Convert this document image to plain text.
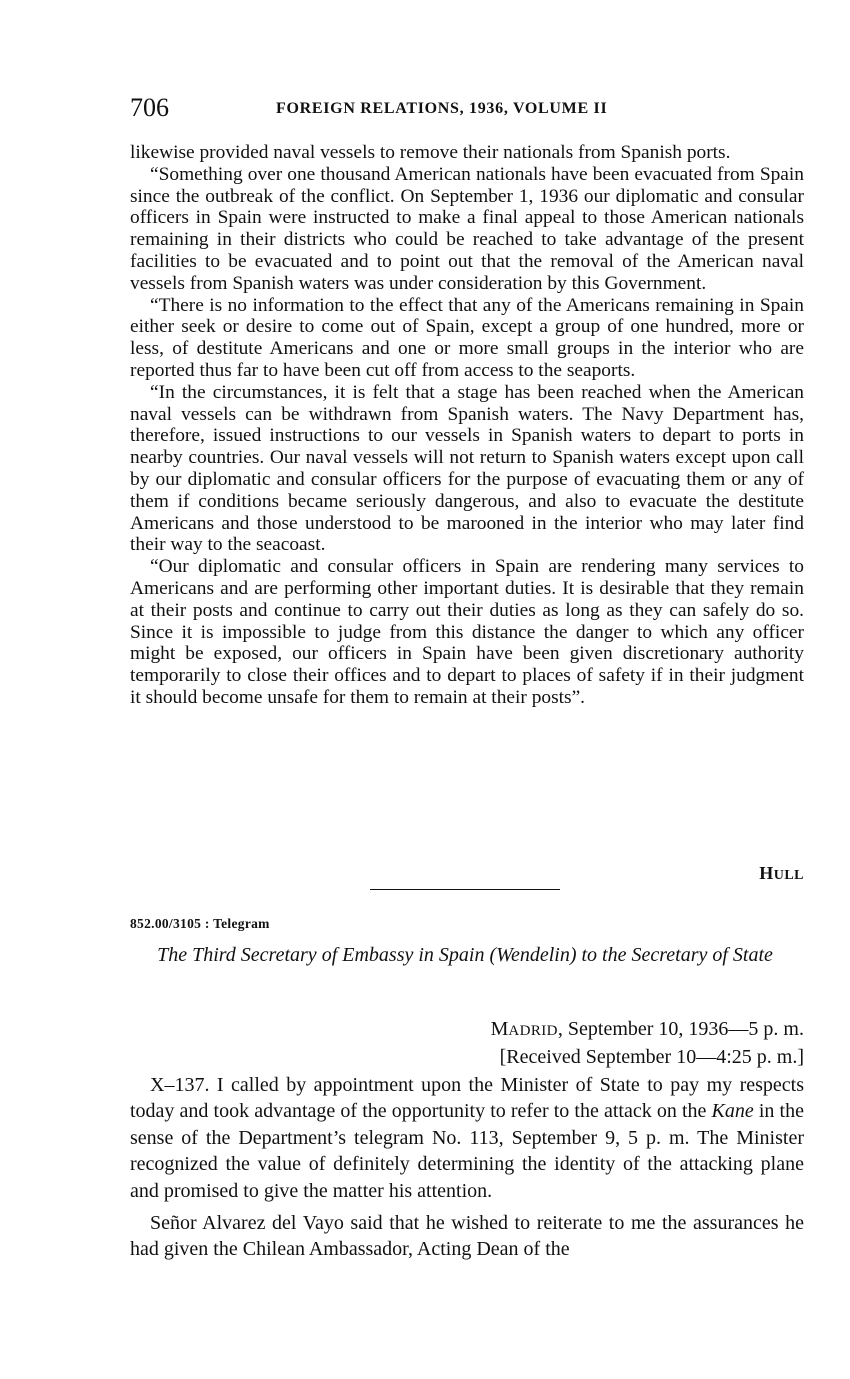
706	FOREIGN RELATIONS, 1936, VOLUME II

likewise provided naval vessels to remove their nationals from Spanish ports.

“Something over one thousand American nationals have been evacuated from Spain since the outbreak of the conflict. On September 1, 1936 our diplomatic and consular officers in Spain were instructed to make a final appeal to those American nationals remaining in their districts who could be reached to take advantage of the present facilities to be evacuated and to point out that the removal of the American naval vessels from Spanish waters was under consideration by this Government.

“There is no information to the effect that any of the Americans remaining in Spain either seek or desire to come out of Spain, except a group of one hundred, more or less, of destitute Americans and one or more small groups in the interior who are reported thus far to have been cut off from access to the seaports.

“In the circumstances, it is felt that a stage has been reached when the American naval vessels can be withdrawn from Spanish waters. The Navy Department has, therefore, issued instructions to our vessels in Spanish waters to depart to ports in nearby countries. Our naval vessels will not return to Spanish waters except upon call by our diplomatic and consular officers for the purpose of evacuating them or any of them if conditions became seriously dangerous, and also to evacuate the destitute Americans and those understood to be marooned in the interior who may later find their way to the seacoast.

“Our diplomatic and consular officers in Spain are rendering many services to Americans and are performing other important duties. It is desirable that they remain at their posts and continue to carry out their duties as long as they can safely do so. Since it is impossible to judge from this distance the danger to which any officer might be exposed, our officers in Spain have been given discretionary authority temporarily to close their offices and to depart to places of safety if in their judgment it should become unsafe for them to remain at their posts”.

HULL
852.00/3105 : Telegram
The Third Secretary of Embassy in Spain (Wendelin) to the Secretary of State
MADRID, September 10, 1936—5 p. m.
[Received September 10—4:25 p. m.]

X–137. I called by appointment upon the Minister of State to pay my respects today and took advantage of the opportunity to refer to the attack on the Kane in the sense of the Department’s telegram No. 113, September 9, 5 p. m. The Minister recognized the value of definitely determining the identity of the attacking plane and promised to give the matter his attention.

Señor Alvarez del Vayo said that he wished to reiterate to me the assurances he had given the Chilean Ambassador, Acting Dean of the
